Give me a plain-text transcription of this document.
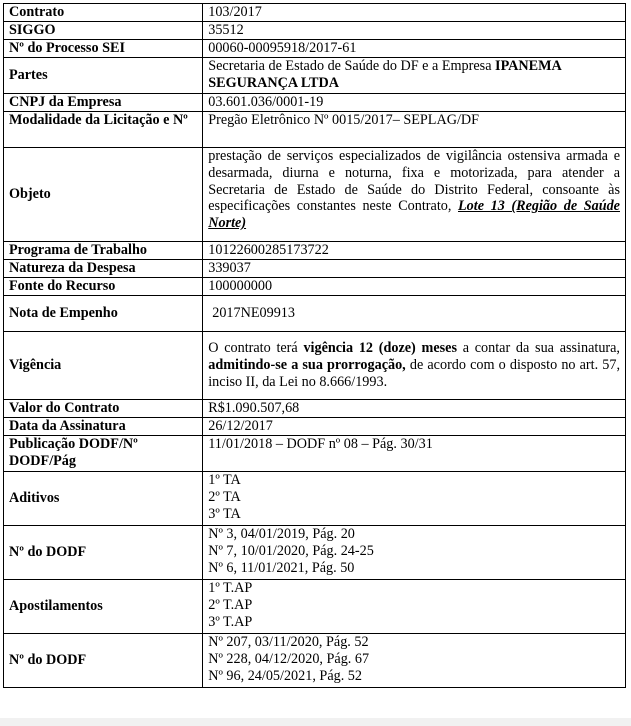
Contrato	103/2017
SIGGO	35512
Nº do Processo SEI	00060-00095918/2017-61
Partes	Secretaria de Estado de Saúde do DF e a Empresa IPANEMA SEGURANÇA LTDA
CNPJ da Empresa	03.601.036/0001-19
Modalidade da Licitação e Nº	Pregão Eletrônico Nº 0015/2017– SEPLAG/DF
Objeto	prestação de serviços especializados de vigilância ostensiva armada e desarmada, diurna e noturna, fixa e motorizada, para atender a Secretaria de Estado de Saúde do Distrito Federal, consoante às especificações constantes neste Contrato, Lote 13 (Região de Saúde Norte)
Programa de Trabalho	10122600285173722
Natureza da Despesa	339037
Fonte do Recurso	100000000
Nota de Empenho	2017NE09913
Vigência	O contrato terá vigência 12 (doze) meses a contar da sua assinatura, admitindo-se a sua prorrogação, de acordo com o disposto no art. 57, inciso II, da Lei no 8.666/1993.
Valor do Contrato	R$1.090.507,68
Data da Assinatura	26/12/2017
Publicação DODF/Nº DODF/Pág	11/01/2018 – DODF nº 08 – Pág. 30/31
Aditivos	1º TA
2º TA
3º TA

Nº do DODF	Nº 3, 04/01/2019, Pág. 20
Nº 7, 10/01/2020, Pág. 24-25
Nº 6, 11/01/2021, Pág. 50

Apostilamentos	1º T.AP
2º T.AP
3º T.AP

Nº do DODF	Nº 207, 03/11/2020, Pág. 52
Nº 228, 04/12/2020, Pág. 67
Nº 96, 24/05/2021, Pág. 52
